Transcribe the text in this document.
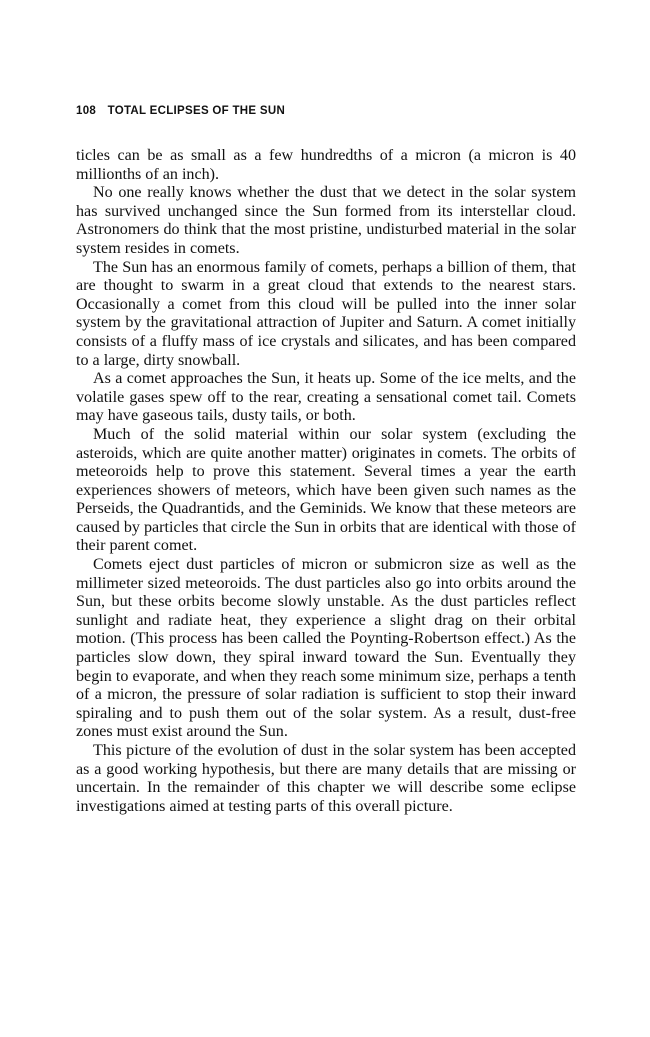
108 TOTAL ECLIPSES OF THE SUN

ticles can be as small as a few hundredths of a micron (a micron is 40 millionths of an inch).

No one really knows whether the dust that we detect in the solar system has survived unchanged since the Sun formed from its interstellar cloud. Astronomers do think that the most pristine, undisturbed material in the solar system resides in comets.

The Sun has an enormous family of comets, perhaps a billion of them, that are thought to swarm in a great cloud that extends to the nearest stars. Occasionally a comet from this cloud will be pulled into the inner solar system by the gravitational attraction of Jupiter and Saturn. A comet initially consists of a fluffy mass of ice crystals and silicates, and has been compared to a large, dirty snowball.

As a comet approaches the Sun, it heats up. Some of the ice melts, and the volatile gases spew off to the rear, creating a sensational comet tail. Comets may have gaseous tails, dusty tails, or both.

Much of the solid material within our solar system (excluding the asteroids, which are quite another matter) originates in comets. The orbits of meteoroids help to prove this statement. Several times a year the earth experiences showers of meteors, which have been given such names as the Perseids, the Quadrantids, and the Geminids. We know that these meteors are caused by particles that circle the Sun in orbits that are identical with those of their parent comet.

Comets eject dust particles of micron or submicron size as well as the millimeter sized meteoroids. The dust particles also go into orbits around the Sun, but these orbits become slowly unstable. As the dust particles reflect sunlight and radiate heat, they experience a slight drag on their orbital motion. (This process has been called the Poynting-Robertson effect.) As the particles slow down, they spiral inward toward the Sun. Eventually they begin to evaporate, and when they reach some minimum size, perhaps a tenth of a micron, the pressure of solar radiation is sufficient to stop their inward spiraling and to push them out of the solar system. As a result, dust-free zones must exist around the Sun.

This picture of the evolution of dust in the solar system has been accepted as a good working hypothesis, but there are many details that are missing or uncertain. In the remainder of this chapter we will describe some eclipse investigations aimed at testing parts of this overall picture.
